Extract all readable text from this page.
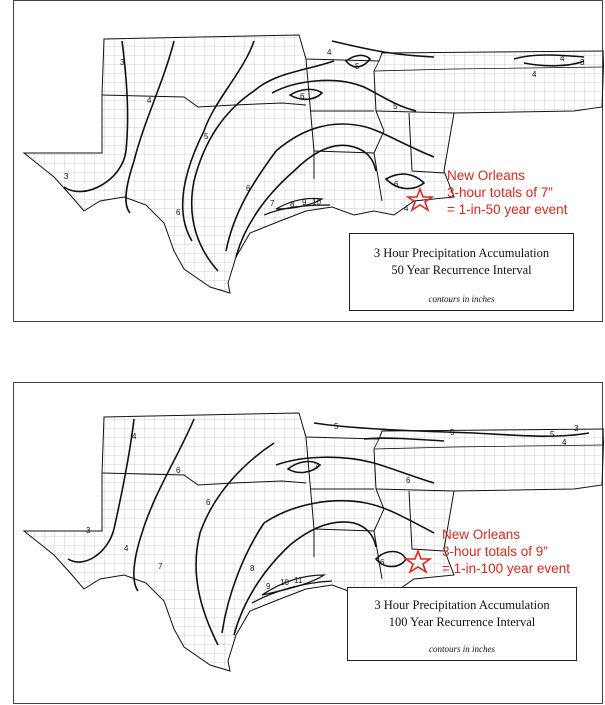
3
3
4
4
4
4
5
5
5
6
6
6
6
7 8 9 10
4
3
New Orleans
3-hour totals of 7”
= 1-in-50 year event
3 Hour Precipitation Accumulation
50 Year Recurrence Interval
contours in inches
3
4
4
5
5	5
6
6
7
7
6
8
9 10 11
6
3
4
New Orleans
3-hour totals of 9”
= 1-in-100 year event
3 Hour Precipitation Accumulation
100 Year Recurrence Interval
contours in inches
